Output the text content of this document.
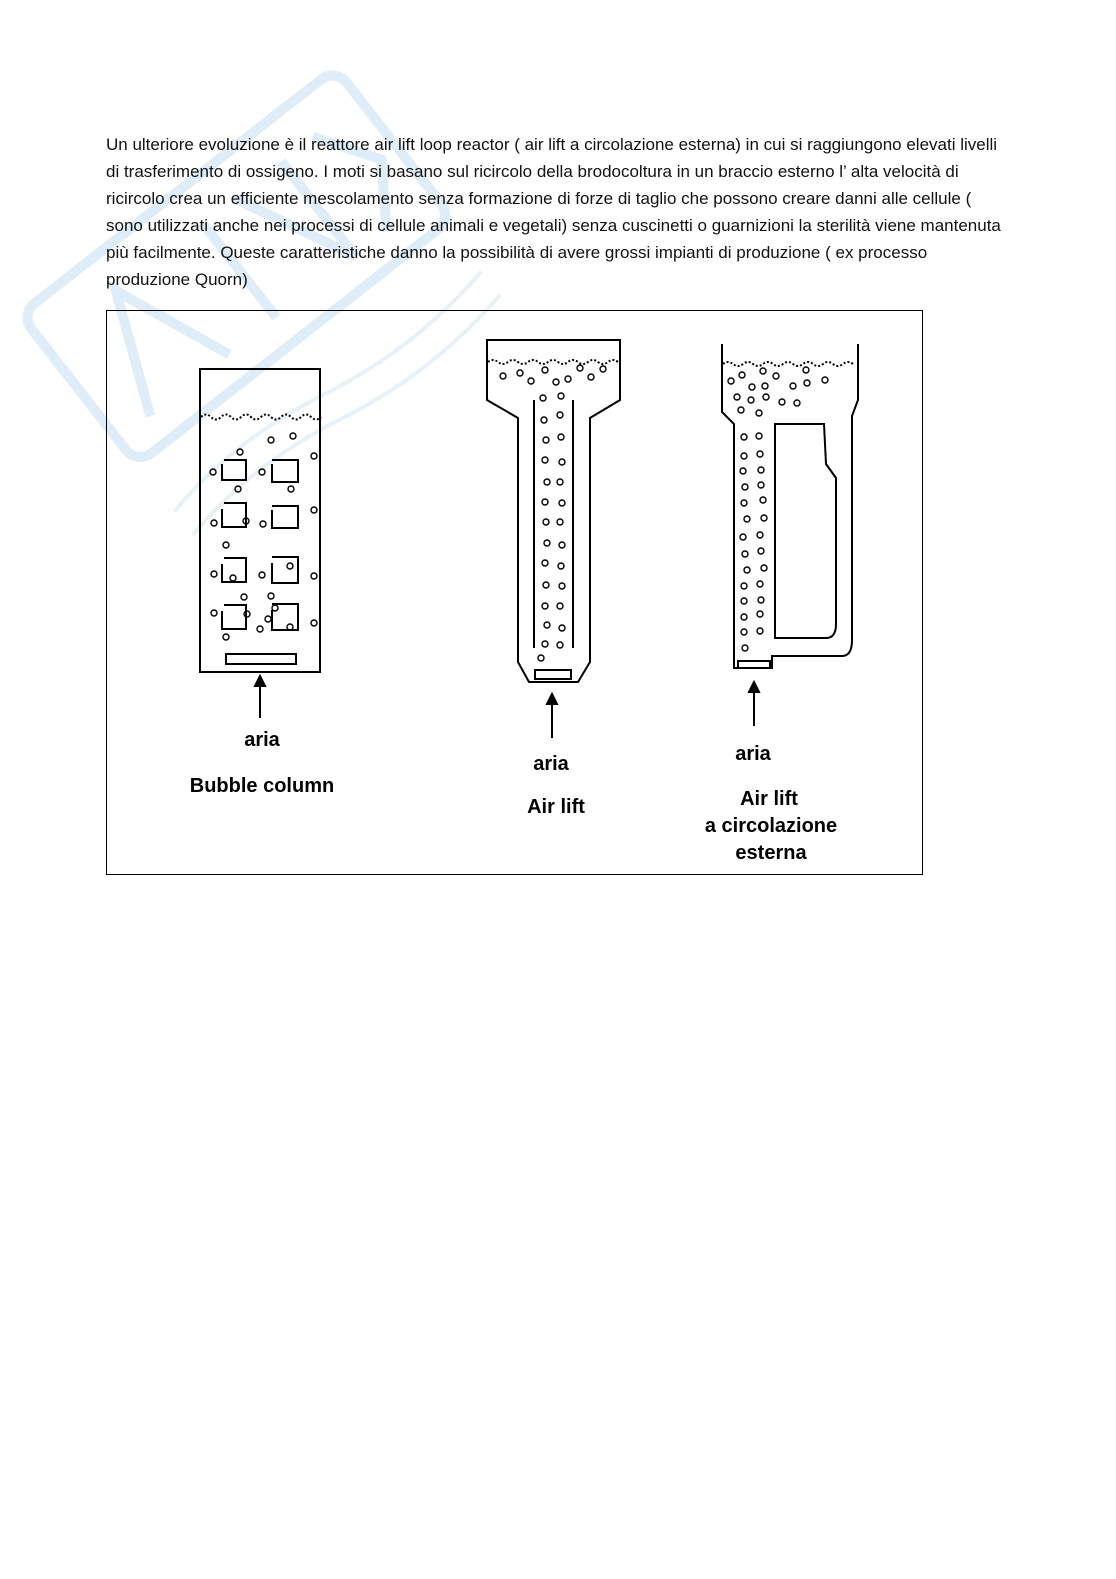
Un ulteriore evoluzione è il reattore air lift loop reactor ( air lift a circolazione esterna) in cui si raggiungono elevati livelli di trasferimento di ossigeno. I moti si basano sul ricircolo della brodocoltura in un braccio esterno l’ alta velocità di ricircolo crea un efficiente mescolamento senza formazione di forze di taglio che possono creare danni alle cellule ( sono utilizzati anche nei processi di cellule animali e vegetali) senza cuscinetti o guarnizioni la sterilità viene mantenuta più facilmente. Queste caratteristiche danno la possibilità di avere grossi impianti di produzione ( ex processo produzione Quorn)

aria
Bubble column
aria
Air lift
aria
Air lift
a circolazione
esterna
